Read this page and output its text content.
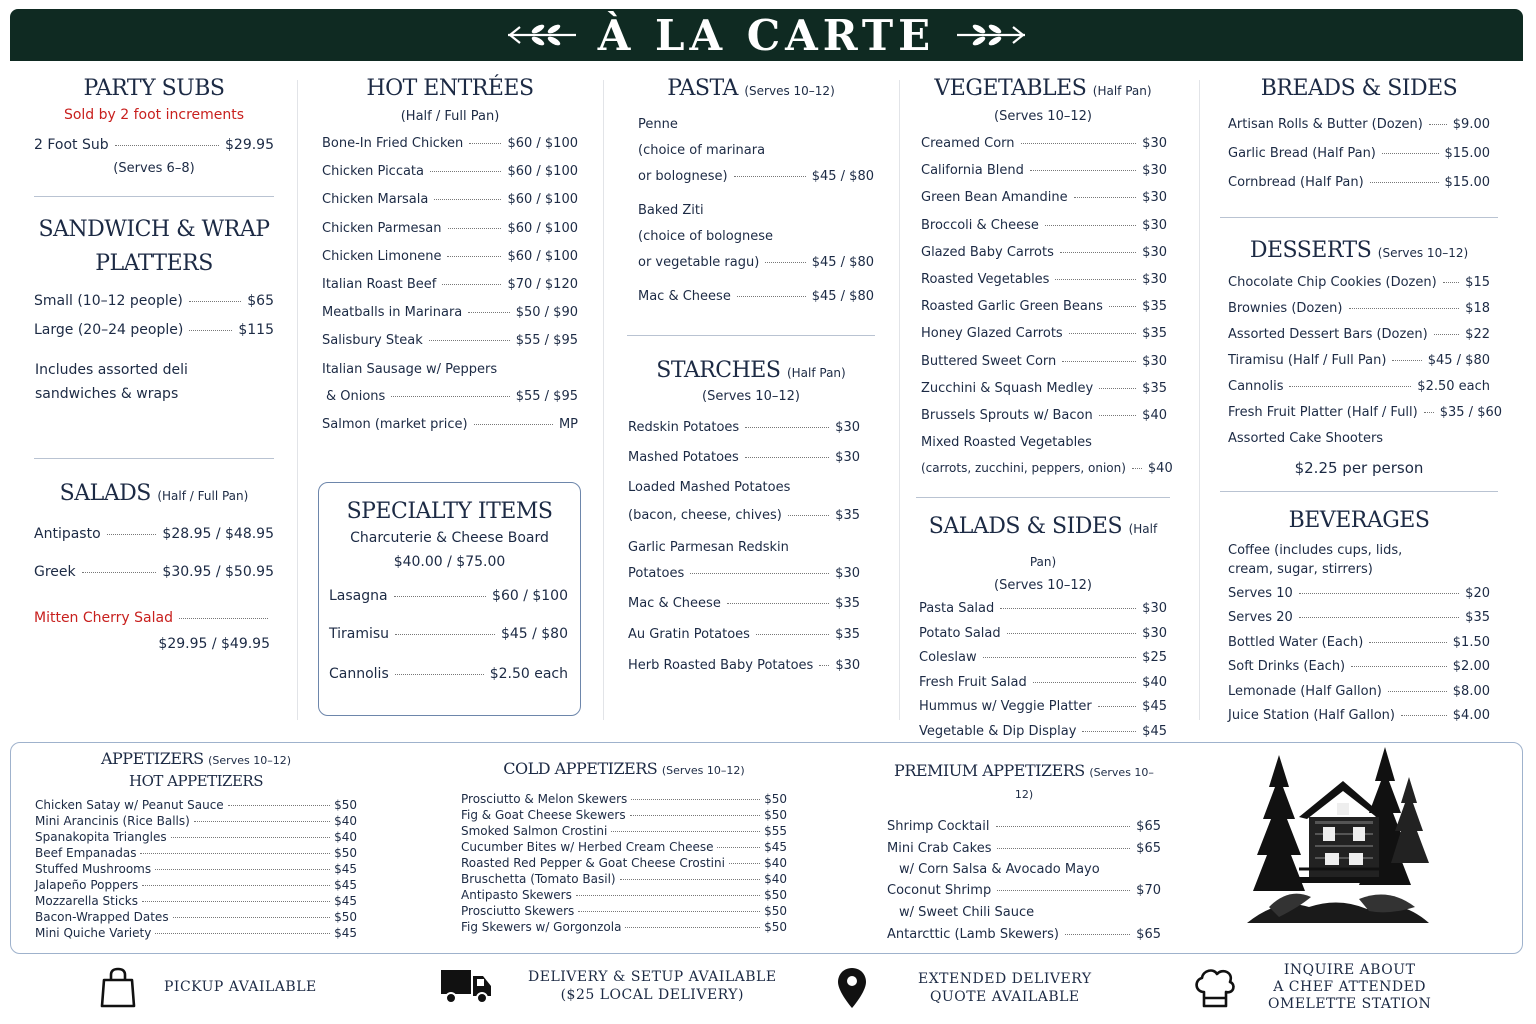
À LA CARTE
PARTY SUBS
Sold by 2 foot increments
2 Foot Sub	$29.95
(Serves 6–8)
SANDWICH & WRAP
PLATTERS
Small (10–12 people)	$65
Large (20–24 people)	$115
Includes assorted deli
sandwiches & wraps
SALADS (Half / Full Pan)
Antipasto	$28.95 / $48.95
Greek	$30.95 / $50.95
Mitten Cherry Salad
$29.95 / $49.95
HOT ENTRÉES
(Half / Full Pan)
Bone-In Fried Chicken	$60 / $100
Chicken Piccata	$60 / $100
Chicken Marsala	$60 / $100
Chicken Parmesan	$60 / $100
Chicken Limonene	$60 / $100
Italian Roast Beef	$70 / $120
Meatballs in Marinara	$50 / $90
Salisbury Steak	$55 / $95
Italian Sausage w/ Peppers
& Onions	$55 / $95
Salmon (market price)	MP
SPECIALTY ITEMS
Charcuterie & Cheese Board
$40.00 / $75.00
Lasagna	$60 / $100
Tiramisu	$45 / $80
Cannolis	$2.50 each
PASTA (Serves 10–12)
Penne
(choice of marinara
or bolognese)	$45 / $80
Baked Ziti
(choice of bolognese
or vegetable ragu)	$45 / $80
Mac & Cheese	$45 / $80
STARCHES (Half Pan)
(Serves 10–12)
Redskin Potatoes	$30
Mashed Potatoes	$30
Loaded Mashed Potatoes
(bacon, cheese, chives)	$35
Garlic Parmesan Redskin
Potatoes	$30
Mac & Cheese	$35
Au Gratin Potatoes	$35
Herb Roasted Baby Potatoes $30
VEGETABLES (Half Pan)
(Serves 10–12)
Creamed Corn	$30
California Blend	$30
Green Bean Amandine	$30
Broccoli & Cheese	$30
Glazed Baby Carrots	$30
Roasted Vegetables	$30
Roasted Garlic Green Beans	$35
Honey Glazed Carrots	$35
Buttered Sweet Corn	$30
Zucchini & Squash Medley	$35
Brussels Sprouts w/ Bacon	$40
Mixed Roasted Vegetables
(carrots, zucchini, peppers, onion) $40
SALADS & SIDES (Half Pan)
(Serves 10–12)
Pasta Salad	$30
Potato Salad	$30
Coleslaw	$25
Fresh Fruit Salad	$40
Hummus w/ Veggie Platter	$45
Vegetable & Dip Display	$45
BREADS & SIDES
Artisan Rolls & Butter (Dozen) $9.00
Garlic Bread (Half Pan)	$15.00
Cornbread (Half Pan)	$15.00
DESSERTS (Serves 10–12)
Chocolate Chip Cookies (Dozen) $15
Brownies (Dozen)	$18
Assorted Dessert Bars (Dozen)	$22
Tiramisu (Half / Full Pan)	$45 / $80
Cannolis	$2.50 each
Fresh Fruit Platter (Half / Full) $35 / $60
Assorted Cake Shooters
$2.25 per person
BEVERAGES
Coffee (includes cups, lids,
cream, sugar, stirrers)
Serves 10	$20
Serves 20	$35
Bottled Water (Each)	$1.50
Soft Drinks (Each)	$2.00
Lemonade (Half Gallon)	$8.00
Juice Station (Half Gallon)	$4.00
APPETIZERS (Serves 10–12)
HOT APPETIZERS
Chicken Satay w/ Peanut Sauce	$50
Mini Arancinis (Rice Balls)	$40
Spanakopita Triangles	$40
Beef Empanadas	$50
Stuffed Mushrooms	$45
Jalapeño Poppers	$45
Mozzarella Sticks	$45
Bacon-Wrapped Dates	$50
Mini Quiche Variety	$45
COLD APPETIZERS (Serves 10–12)
Prosciutto & Melon Skewers	$50
Fig & Goat Cheese Skewers	$50
Smoked Salmon Crostini	$55
Cucumber Bites w/ Herbed Cream Cheese	$45
Roasted Red Pepper & Goat Cheese Crostini	$40
Bruschetta (Tomato Basil)	$40
Antipasto Skewers	$50
Prosciutto Skewers	$50
Fig Skewers w/ Gorgonzola	$50
PREMIUM APPETIZERS (Serves 10–12)
Shrimp Cocktail	$65
Mini Crab Cakes	$65
w/ Corn Salsa & Avocado Mayo
Coconut Shrimp	$70
w/ Sweet Chili Sauce
Antarcttic (Lamb Skewers)	$65
PICKUP AVAILABLE
DELIVERY & SETUP AVAILABLE
($25 LOCAL DELIVERY)
EXTENDED DELIVERY
QUOTE AVAILABLE
INQUIRE ABOUT
A CHEF ATTENDED
OMELETTE STATION
